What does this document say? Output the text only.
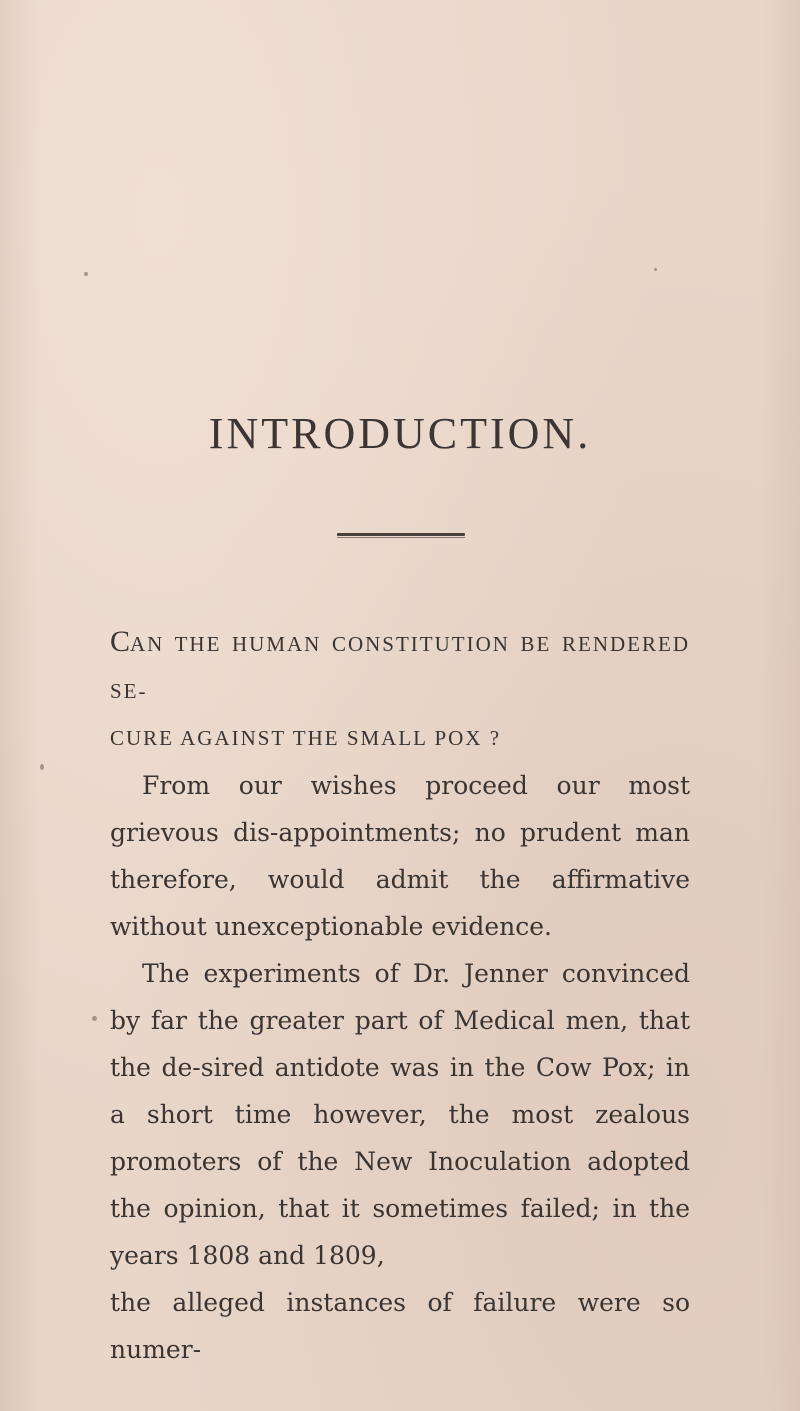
INTRODUCTION.
CAN THE HUMAN CONSTITUTION BE RENDERED SE-
CURE AGAINST THE SMALL POX ?

From our wishes proceed our most grievous dis-appointments; no prudent man therefore, would admit the affirmative without unexceptionable evidence.

The experiments of Dr. Jenner convinced by far the greater part of Medical men, that the de-sired antidote was in the Cow Pox; in a short time however, the most zealous promoters of the New Inoculation adopted the opinion, that it sometimes failed; in the years 1808 and 1809,

the alleged instances of failure were so numer-
